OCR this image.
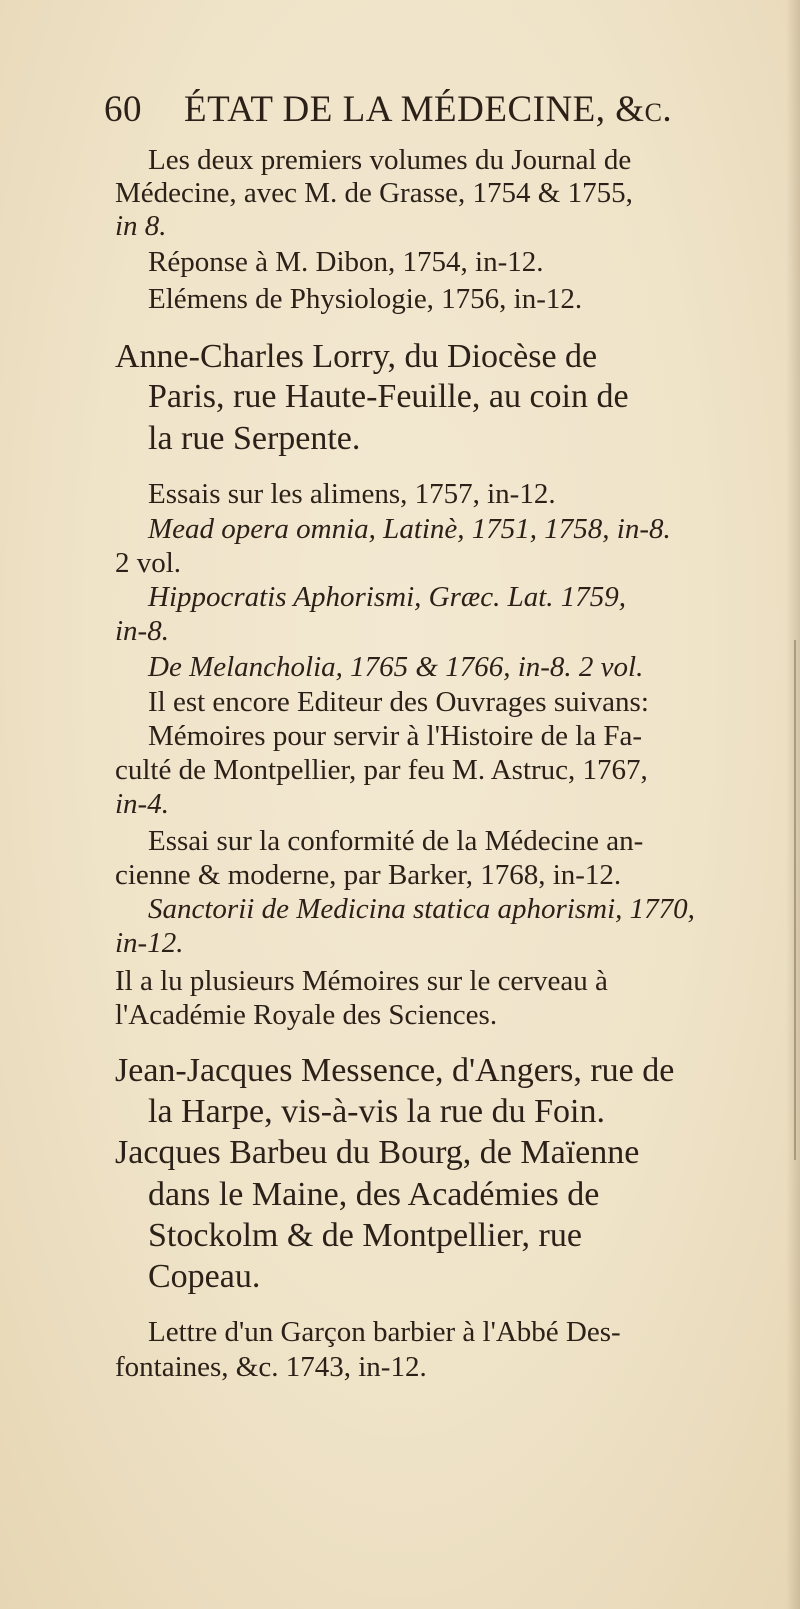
60 ÉTAT DE LA MÉDECINE, &c.
Les deux premiers volumes du Journal de
Médecine, avec M. de Grasse, 1754 & 1755,
in 8.
Réponse à M. Dibon, 1754, in-12.
Elémens de Physiologie, 1756, in-12.
Anne-Charles Lorry, du Diocèse de
Paris, rue Haute-Feuille, au coin de
la rue Serpente.
Essais sur les alimens, 1757, in-12.
Mead opera omnia, Latinè, 1751, 1758, in-8.
2 vol.
Hippocratis Aphorismi, Græc. Lat. 1759,
in-8.
De Melancholia, 1765 & 1766, in-8. 2 vol.
Il est encore Editeur des Ouvrages suivans:
Mémoires pour servir à l'Histoire de la Fa-
culté de Montpellier, par feu M. Astruc, 1767,
in-4.
Essai sur la conformité de la Médecine an-
cienne & moderne, par Barker, 1768, in-12.
Sanctorii de Medicina statica aphorismi, 1770,
in-12.
Il a lu plusieurs Mémoires sur le cerveau à
l'Académie Royale des Sciences.
Jean-Jacques Messence, d'Angers, rue de
la Harpe, vis-à-vis la rue du Foin.
Jacques Barbeu du Bourg, de Maïenne
dans le Maine, des Académies de
Stockolm & de Montpellier, rue
Copeau.
Lettre d'un Garçon barbier à l'Abbé Des-
fontaines, &c. 1743, in-12.
